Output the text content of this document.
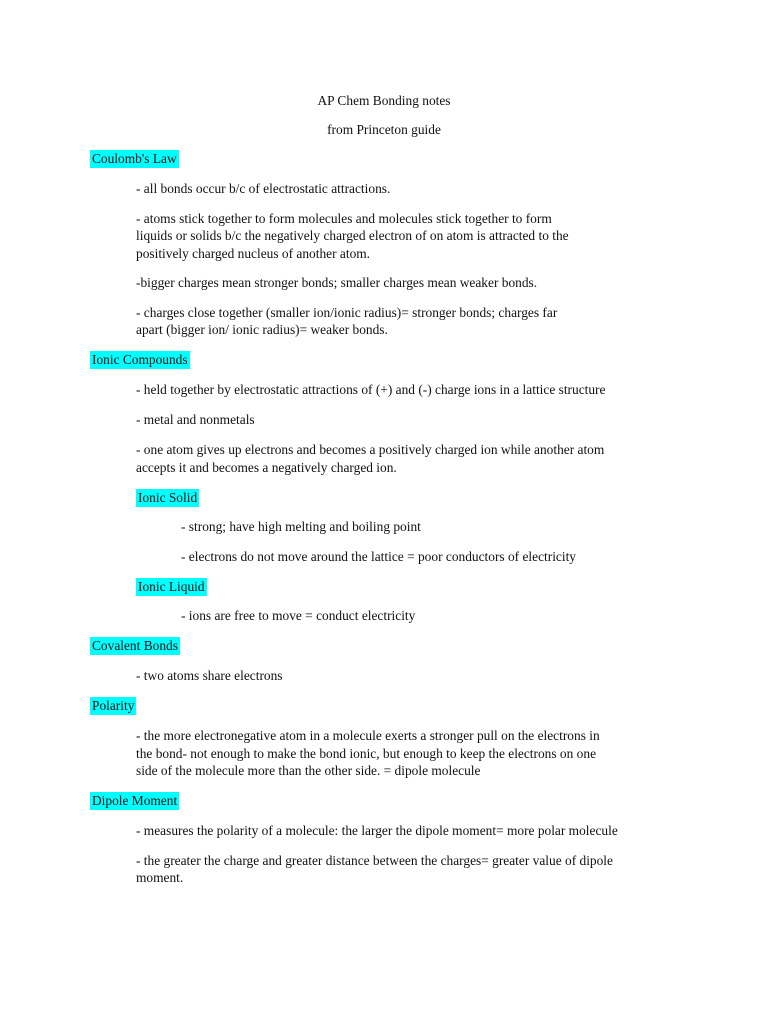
AP Chem Bonding notes
from Princeton guide
Coulomb's Law
- all bonds occur b/c of electrostatic attractions.
- atoms stick together to form molecules and molecules stick together to form
liquids or solids b/c the negatively charged electron of on atom is attracted to the
positively charged nucleus of another atom.
-bigger charges mean stronger bonds; smaller charges mean weaker bonds.
- charges close together (smaller ion/ionic radius)= stronger bonds; charges far
apart (bigger ion/ ionic radius)= weaker bonds.
Ionic Compounds
- held together by electrostatic attractions of (+) and (-) charge ions in a lattice structure
- metal and nonmetals
- one atom gives up electrons and becomes a positively charged ion while another atom
accepts it and becomes a negatively charged ion.
Ionic Solid
- strong; have high melting and boiling point
- electrons do not move around the lattice = poor conductors of electricity
Ionic Liquid
- ions are free to move = conduct electricity
Covalent Bonds
- two atoms share electrons
Polarity
- the more electronegative atom in a molecule exerts a stronger pull on the electrons in
the bond- not enough to make the bond ionic, but enough to keep the electrons on one
side of the molecule more than the other side. = dipole molecule
Dipole Moment
- measures the polarity of a molecule: the larger the dipole moment= more polar molecule
- the greater the charge and greater distance between the charges= greater value of dipole
moment.
